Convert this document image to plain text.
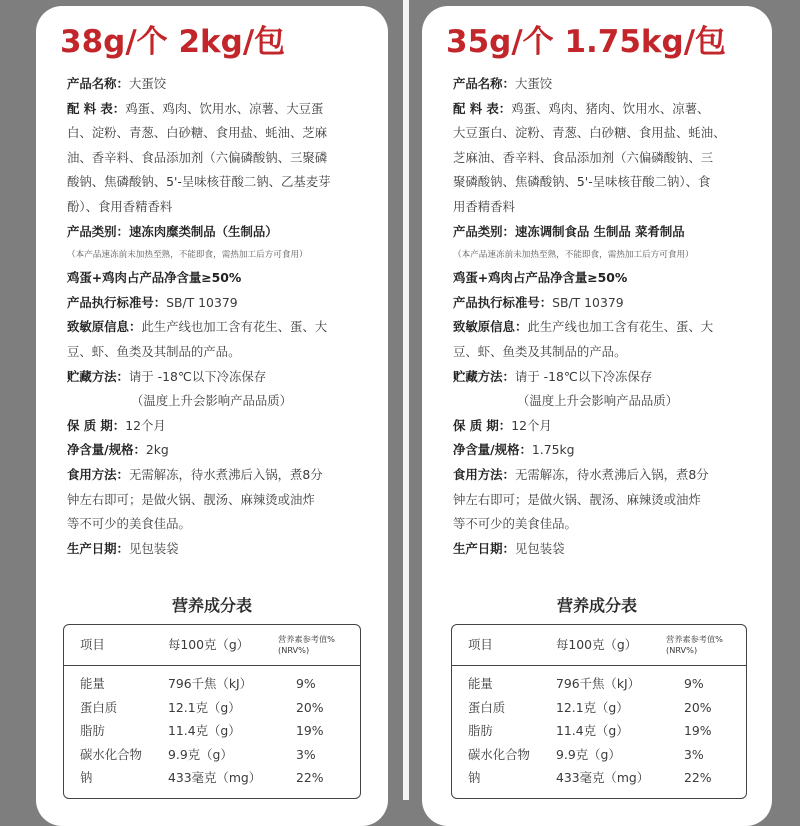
38g/个 2kg/包
产品名称：大蛋饺
配 料 表：鸡蛋、鸡肉、饮用水、凉薯、大豆蛋
白、淀粉、青葱、白砂糖、食用盐、蚝油、芝麻
油、香辛料、食品添加剂（六偏磷酸钠、三聚磷
酸钠、焦磷酸钠、5'-呈味核苷酸二钠、乙基麦芽
酚）、食用香精香料
产品类别：速冻肉糜类制品（生制品）
（本产品速冻前未加热至熟，不能即食，需热加工后方可食用）
鸡蛋+鸡肉占产品净含量≥50%
产品执行标准号：SB/T 10379
致敏原信息：此生产线也加工含有花生、蛋、大
豆、虾、鱼类及其制品的产品。
贮藏方法：请于 -18℃以下冷冻保存
（温度上升会影响产品品质）
保 质 期：12个月
净含量/规格：2kg
食用方法：无需解冻，待水煮沸后入锅，煮8分
钟左右即可；是做火锅、靓汤、麻辣烫或油炸
等不可少的美食佳品。
生产日期：见包装袋
营养成分表
项目	每100克（g）	营养素参考值%
(NRV%)
能量	796千焦（kJ）	9%
蛋白质	12.1克（g）	20%
脂肪	11.4克（g）	19%
碳水化合物 9.9克（g）	3%
钠	433毫克（mg）	22%
35g/个 1.75kg/包
产品名称：大蛋饺
配 料 表：鸡蛋、鸡肉、猪肉、饮用水、凉薯、
大豆蛋白、淀粉、青葱、白砂糖、食用盐、蚝油、
芝麻油、香辛料、食品添加剂（六偏磷酸钠、三
聚磷酸钠、焦磷酸钠、5'-呈味核苷酸二钠）、食
用香精香料
产品类别：速冻调制食品 生制品 菜肴制品
（本产品速冻前未加热至熟，不能即食，需热加工后方可食用）
鸡蛋+鸡肉占产品净含量≥50%
产品执行标准号：SB/T 10379
致敏原信息：此生产线也加工含有花生、蛋、大
豆、虾、鱼类及其制品的产品。
贮藏方法：请于 -18℃以下冷冻保存
（温度上升会影响产品品质）
保 质 期：12个月
净含量/规格：1.75kg
食用方法：无需解冻，待水煮沸后入锅，煮8分
钟左右即可；是做火锅、靓汤、麻辣烫或油炸
等不可少的美食佳品。
生产日期：见包装袋
营养成分表
项目	每100克（g）	营养素参考值%
(NRV%)
能量	796千焦（kJ）	9%
蛋白质	12.1克（g）	20%
脂肪	11.4克（g）	19%
碳水化合物 9.9克（g）	3%
钠	433毫克（mg）	22%
